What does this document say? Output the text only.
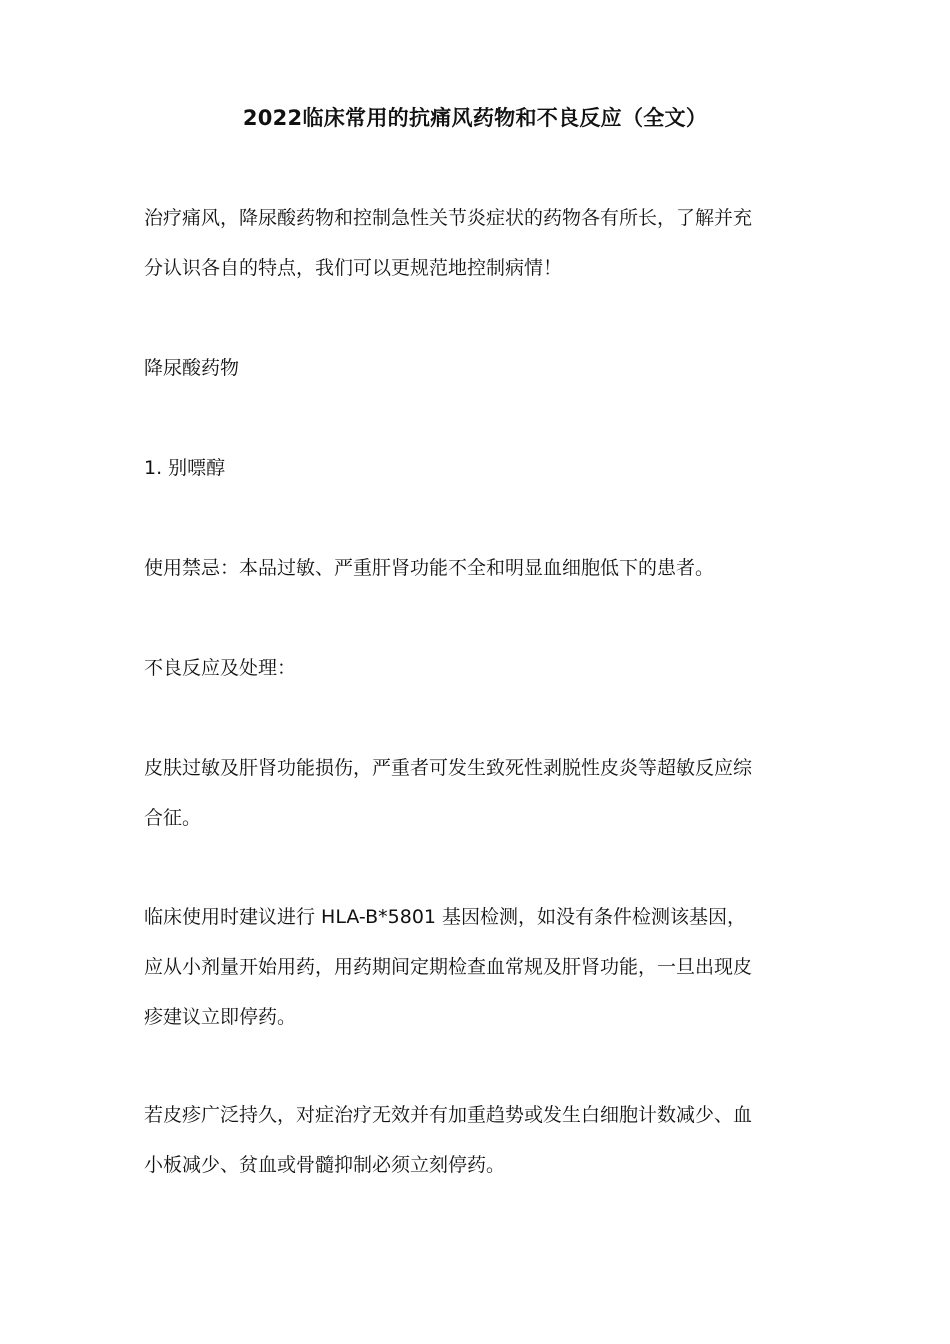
2022临床常用的抗痛风药物和不良反应（全文）
治疗痛风，降尿酸药物和控制急性关节炎症状的药物各有所长，了解并充
分认识各自的特点，我们可以更规范地控制病情！
降尿酸药物
1. 别嘌醇
使用禁忌：本品过敏、严重肝肾功能不全和明显血细胞低下的患者。
不良反应及处理：
皮肤过敏及肝肾功能损伤，严重者可发生致死性剥脱性皮炎等超敏反应综
合征。
临床使用时建议进行 HLA-B*5801 基因检测，如没有条件检测该基因，
应从小剂量开始用药，用药期间定期检查血常规及肝肾功能，一旦出现皮
疹建议立即停药。
若皮疹广泛持久，对症治疗无效并有加重趋势或发生白细胞计数减少、血
小板减少、贫血或骨髓抑制必须立刻停药。
